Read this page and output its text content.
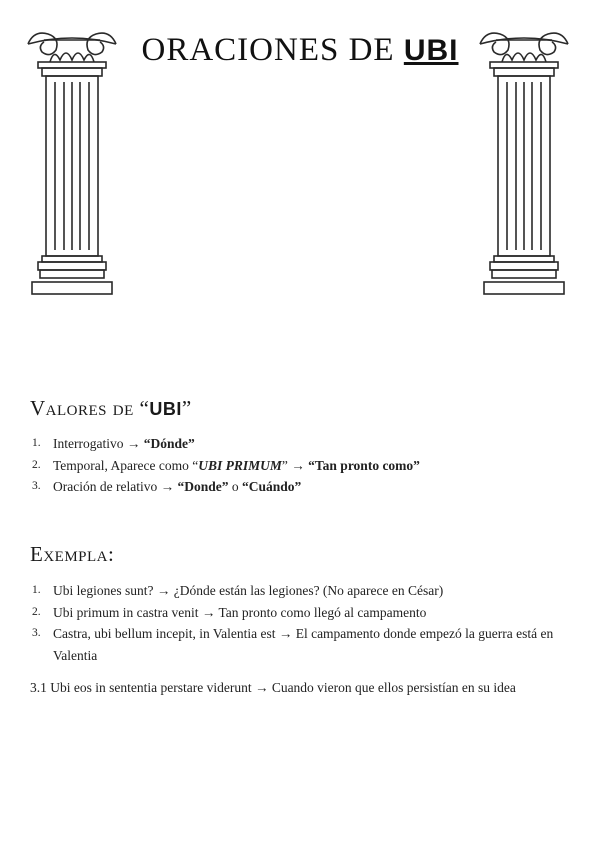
ORACIONES DE UBI
Valores de “UBI”
1. Interrogativo → “Dónde”
2. Temporal, Aparece como “UBI PRIMUM” → “Tan pronto como”
3. Oración de relativo → “Donde” o “Cuándo”
Exempla:
1. Ubi legiones sunt? → ¿Dónde están las legiones? (No aparece en César)
2. Ubi primum in castra venit → Tan pronto como llegó al campamento
3. Castra, ubi bellum incepit, in Valentia est → El campamento donde empezó la guerra está en Valentia
3.1 Ubi eos in sententia perstare viderunt → Cuando vieron que ellos persistían en su idea
